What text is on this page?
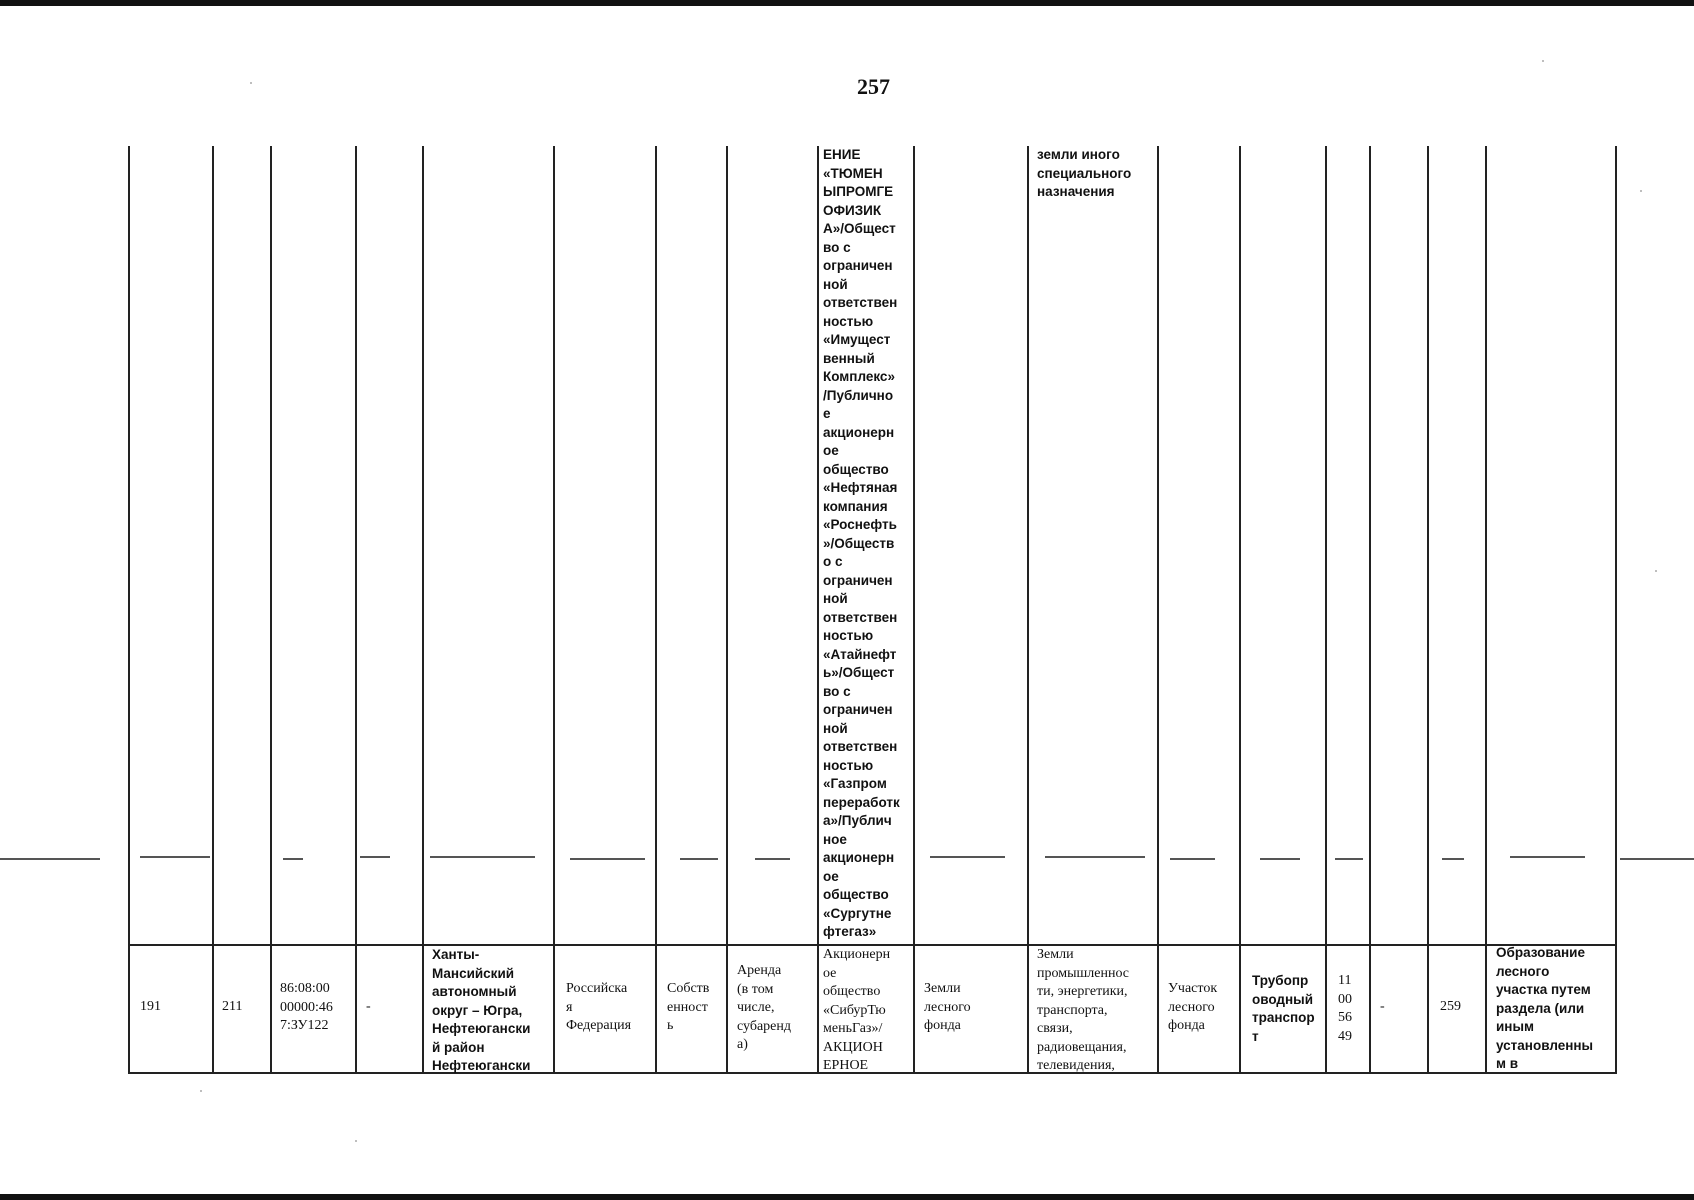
257
ЕНИЕ
«ТЮМЕН
ЫПРОМГЕ
ОФИЗИК
А»/Общест
во с
ограничен
ной
ответствен
ностью
«Имущест
венный
Комплекс»
/Публично
е
акционерн
ое
общество
«Нефтяная
компания
«Роснефть
»/Обществ
о с
ограничен
ной
ответствен
ностью
«Атайнефт
ь»/Общест
во с
ограничен
ной
ответствен
ностью
«Газпром
переработк
а»/Публич
ное
акционерн
ое
общество
«Сургутне
фтегаз»
земли иного
специального
назначения
191	211
86:08:00
00000:46
7:ЗУ122
-
Ханты-
Мансийский
автономный
округ – Югра,
Нефтеюгански
й район
Нефтеюгански
Российска
я
Федерация
Собств
енност
ь
Аренда
(в том
числе,
субаренд
а)
Акционерн
ое
общество
«СибурТю
меньГаз»/
АКЦИОН
ЕРНОЕ
Земли
лесного
фонда
Земли
промышленнос
ти, энергетики,
транспорта,
связи,
радиовещания,
телевидения,
Участок
лесного
фонда
Трубопр
оводный
транспор
т
11
00
56
49
-	259
Образование
лесного
участка путем
раздела (или
иным
установленны
м в
